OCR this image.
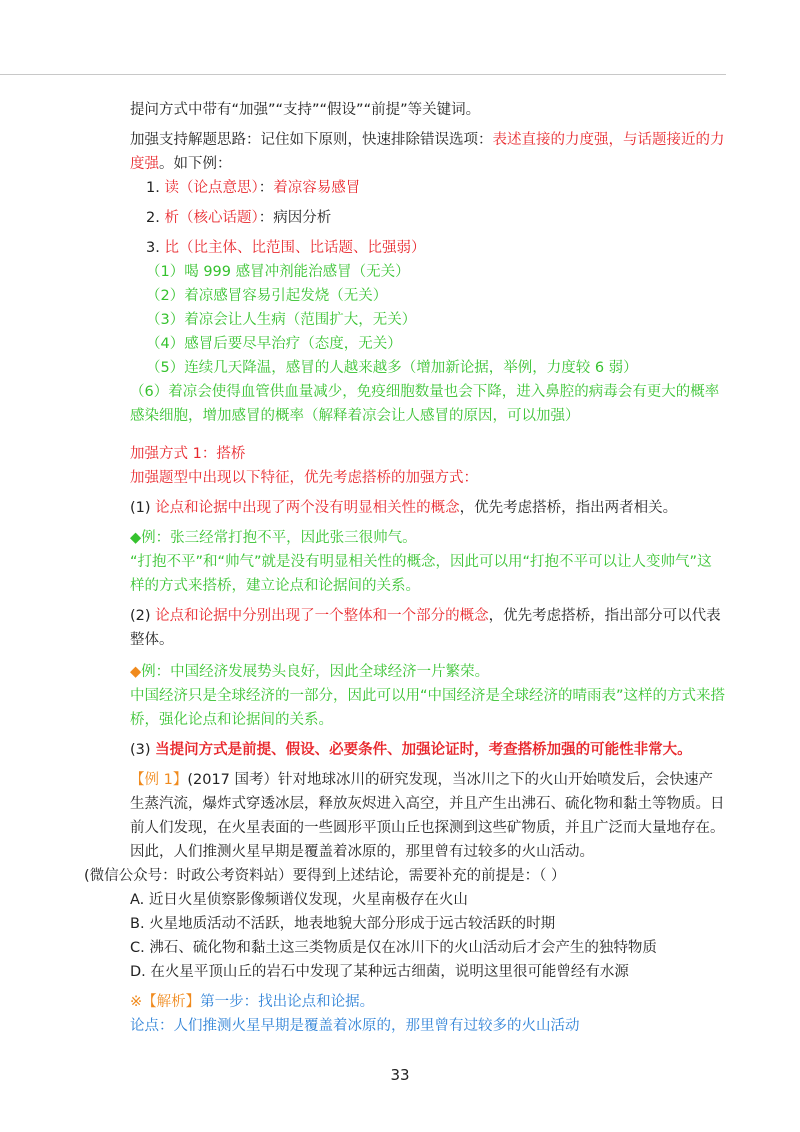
提问方式中带有“加强”“支持”“假设”“前提”等关键词。

加强支持解题思路：记住如下原则，快速排除错误选项：表述直接的力度强，与话题接近的力度强。如下例：

1. 读（论点意思）：着凉容易感冒

2. 析（核心话题）：病因分析

3. 比（比主体、比范围、比话题、比强弱）

（1）喝 999 感冒冲剂能治感冒（无关）

（2）着凉感冒容易引起发烧（无关）

（3）着凉会让人生病（范围扩大，无关）

（4）感冒后要尽早治疗（态度，无关）

（5）连续几天降温，感冒的人越来越多（增加新论据，举例，力度较 6 弱）

（6）着凉会使得血管供血量减少，免疫细胞数量也会下降，进入鼻腔的病毒会有更大的概率感染细胞，增加感冒的概率（解释着凉会让人感冒的原因，可以加强）

加强方式 1：搭桥

加强题型中出现以下特征，优先考虑搭桥的加强方式：

(1) 论点和论据中出现了两个没有明显相关性的概念，优先考虑搭桥，指出两者相关。

◆例：张三经常打抱不平，因此张三很帅气。

“打抱不平”和“帅气”就是没有明显相关性的概念，因此可以用“打抱不平可以让人变帅气”这样的方式来搭桥，建立论点和论据间的关系。

(2) 论点和论据中分别出现了一个整体和一个部分的概念，优先考虑搭桥，指出部分可以代表整体。

◆例：中国经济发展势头良好，因此全球经济一片繁荣。

中国经济只是全球经济的一部分，因此可以用“中国经济是全球经济的晴雨表”这样的方式来搭桥，强化论点和论据间的关系。

(3) 当提问方式是前提、假设、必要条件、加强论证时，考查搭桥加强的可能性非常大。

【例 1】(2017 国考）针对地球冰川的研究发现，当冰川之下的火山开始喷发后，会快速产生蒸汽流，爆炸式穿透冰层，释放灰烬进入高空，并且产生出沸石、硫化物和黏土等物质。日前人们发现，在火星表面的一些圆形平顶山丘也探测到这些矿物质，并且广泛而大量地存在。因此，人们推测火星早期是覆盖着冰原的，那里曾有过较多的火山活动。

(微信公众号：时政公考资料站）要得到上述结论，需要补充的前提是：（ ）

A. 近日火星侦察影像频谱仪发现，火星南极存在火山

B. 火星地质活动不活跃，地表地貌大部分形成于远古较活跃的时期

C. 沸石、硫化物和黏土这三类物质是仅在冰川下的火山活动后才会产生的独特物质

D. 在火星平顶山丘的岩石中发现了某种远古细菌，说明这里很可能曾经有水源

※【解析】第一步：找出论点和论据。

论点：人们推测火星早期是覆盖着冰原的，那里曾有过较多的火山活动

33
